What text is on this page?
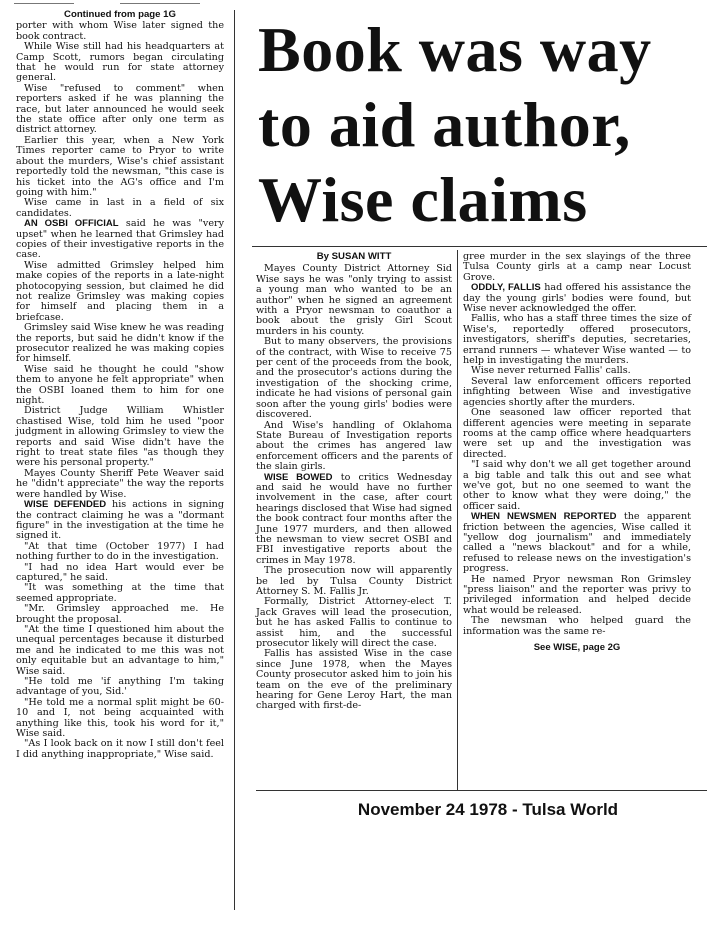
Continued from page 1G

porter with whom Wise later signed the book contract.

While Wise still had his headquarters at Camp Scott, rumors began circulating that he would run for state attorney general.

Wise "refused to comment" when reporters asked if he was planning the race, but later announced he would seek the state office after only one term as district attorney.

Earlier this year, when a New York Times reporter came to Pryor to write about the murders, Wise's chief assistant reportedly told the newsman, "this case is his ticket into the AG's office and I'm going with him."

Wise came in last in a field of six candidates.

AN OSBI OFFICIAL said he was "very upset" when he learned that Grimsley had copies of their investigative reports in the case.

Wise admitted Grimsley helped him make copies of the reports in a late-night photocopying session, but claimed he did not realize Grimsley was making copies for himself and placing them in a briefcase.

Grimsley said Wise knew he was reading the reports, but said he didn't know if the prosecutor realized he was making copies for himself.

Wise said he thought he could "show them to anyone he felt appropriate" when the OSBI loaned them to him for one night.

District Judge William Whistler chastised Wise, told him he used "poor judgment in allowing Grimsley to view the reports and said Wise didn't have the right to treat state files "as though they were his personal property."

Mayes County Sheriff Pete Weaver said he "didn't appreciate" the way the reports were handled by Wise.

WISE DEFENDED his actions in signing the contract claiming he was a "dormant figure" in the investigation at the time he signed it.

"At that time (October 1977) I had nothing further to do in the investigation.

"I had no idea Hart would ever be captured," he said.

"It was something at the time that seemed appropriate.

"Mr. Grimsley approached me. He brought the proposal.

"At the time I questioned him about the unequal percentages because it disturbed me and he indicated to me this was not only equitable but an advantage to him," Wise said.

"He told me 'if anything I'm taking advantage of you, Sid.'

"He told me a normal split might be 60-10 and I, not being acquainted with anything like this, took his word for it," Wise said.

"As I look back on it now I still don't feel I did anything inappropriate," Wise said.

Book was way
to aid author,
Wise claims
By SUSAN WITT

Mayes County District Attorney Sid Wise says he was "only trying to assist a young man who wanted to be an author" when he signed an agreement with a Pryor newsman to coauthor a book about the grisly Girl Scout murders in his county.

But to many observers, the provisions of the contract, with Wise to receive 75 per cent of the proceeds from the book, and the prosecutor's actions during the investigation of the shocking crime, indicate he had visions of personal gain soon after the young girls' bodies were discovered.

And Wise's handling of Oklahoma State Bureau of Investigation reports about the crimes has angered law enforcement officers and the parents of the slain girls.

WISE BOWED to critics Wednesday and said he would have no further involvement in the case, after court hearings disclosed that Wise had signed the book contract four months after the June 1977 murders, and then allowed the newsman to view secret OSBI and FBI investigative reports about the crimes in May 1978.

The prosecution now will apparently be led by Tulsa County District Attorney S. M. Fallis Jr.

Formally, District Attorney-elect T. Jack Graves will lead the prosecution, but he has asked Fallis to continue to assist him, and the successful prosecutor likely will direct the case.

Fallis has assisted Wise in the case since June 1978, when the Mayes County prosecutor asked him to join his team on the eve of the preliminary hearing for Gene Leroy Hart, the man charged with first-de-

gree murder in the sex slayings of the three Tulsa County girls at a camp near Locust Grove.

ODDLY, FALLIS had offered his assistance the day the young girls' bodies were found, but Wise never acknowledged the offer.

Fallis, who has a staff three times the size of Wise's, reportedly offered prosecutors, investigators, sheriff's deputies, secretaries, errand runners — whatever Wise wanted — to help in investigating the murders.

Wise never returned Fallis' calls.

Several law enforcement officers reported infighting between Wise and investigative agencies shortly after the murders.

One seasoned law officer reported that different agencies were meeting in separate rooms at the camp office where headquarters were set up and the investigation was directed.

"I said why don't we all get together around a big table and talk this out and see what we've got, but no one seemed to want the other to know what they were doing," the officer said.

WHEN NEWSMEN REPORTED the apparent friction between the agencies, Wise called it "yellow dog journalism" and immediately called a "news blackout" and for a while, refused to release news on the investigation's progress.

He named Pryor newsman Ron Grimsley "press liaison" and the reporter was privy to privileged information and helped decide what would be released.

The newsman who helped guard the information was the same re-

See WISE, page 2G
November 24 1978 - Tulsa World
